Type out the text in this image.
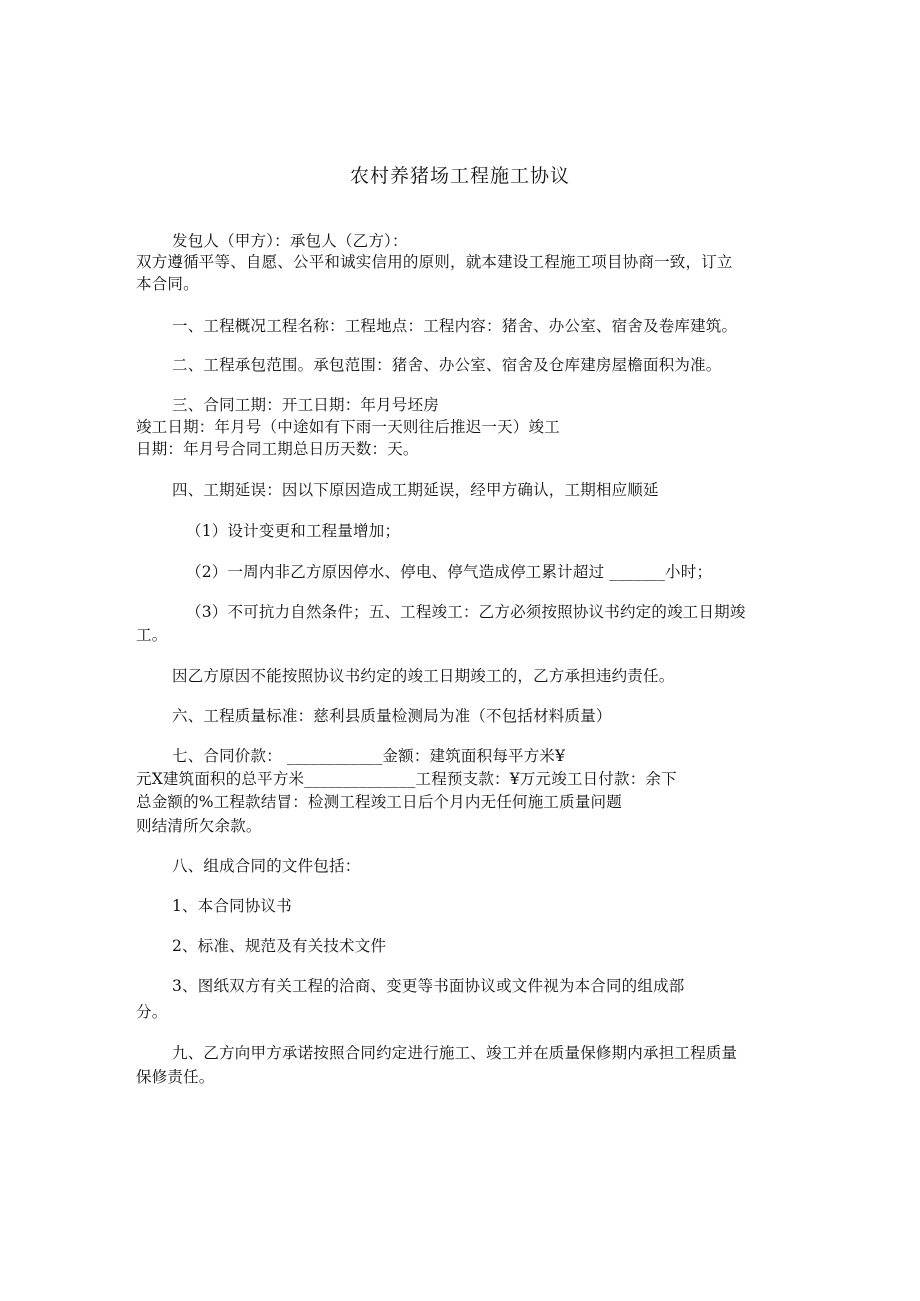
农村养猪场工程施工协议
发包人（甲方）：承包人（乙方）：
双方遵循平等、自愿、公平和诚实信用的原则，就本建设工程施工项目协商一致，订立
本合同。
一、工程概况工程名称：工程地点：工程内容：猪舍、办公室、宿舍及卷库建筑。
二、工程承包范围。承包范围：猪舍、办公室、宿舍及仓库建房屋檐面积为准。
三、合同工期：开工日期：年月号坯房
竣工日期：年月号（中途如有下雨一天则往后推迟一天）竣工
日期：年月号合同工期总日历天数：天。
四、工期延误：因以下原因造成工期延误，经甲方确认，工期相应顺延
（1）设计变更和工程量增加；
（2）一周内非乙方原因停水、停电、停气造成停工累计超过 _______小时；
（3）不可抗力自然条件；五、工程竣工：乙方必须按照协议书约定的竣工日期竣
工。
因乙方原因不能按照协议书约定的竣工日期竣工的，乙方承担违约责任。
六、工程质量标准：慈利县质量检测局为准（不包括材料质量）
七、合同价款： ____________金额：建筑面积每平方米¥
元X建筑面积的总平方米______________工程预支款：¥万元竣工日付款：余下
总金额的%工程款结冒：检测工程竣工日后个月内无任何施工质量问题
则结清所欠余款。
八、组成合同的文件包括：
1、本合同协议书
2、标准、规范及有关技术文件
3、图纸双方有关工程的洽商、变更等书面协议或文件视为本合同的组成部
分。
九、乙方向甲方承诺按照合同约定进行施工、竣工并在质量保修期内承担工程质量
保修责任。
